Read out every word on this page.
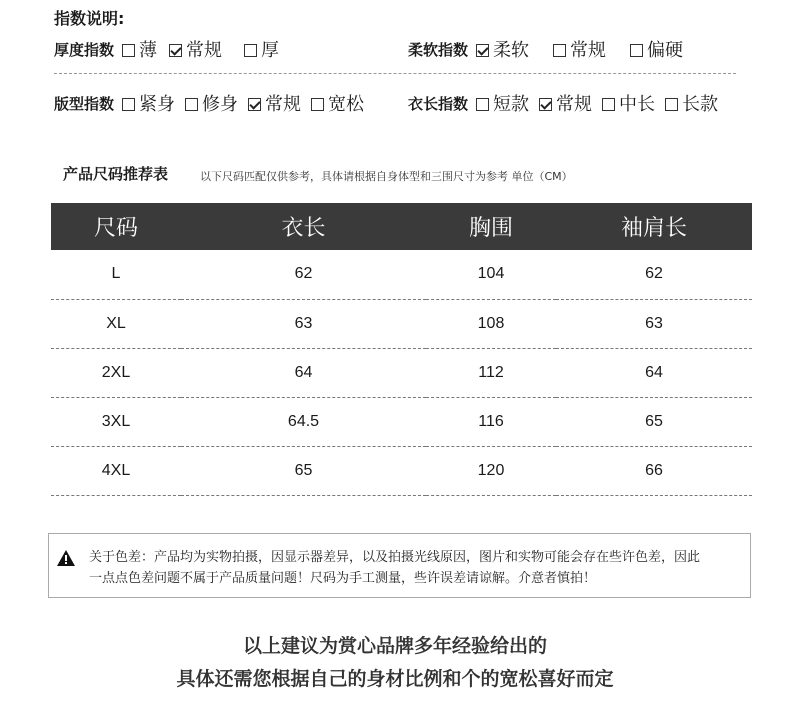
指数说明:
厚度指数 薄 常规 厚	柔软指数 柔软 常规 偏硬
版型指数 紧身 修身 常规 宽松	衣长指数 短款 常规 中长 长款
产品尺码推荐表	以下尺码匹配仅供参考，具体请根据自身体型和三围尺寸为参考 单位（CM）
尺码	衣长	胸围	袖肩长
L	62	104	62
XL	63	108	63
2XL	64	112	64
3XL	64.5	116	65
4XL	65	120	66
关于色差：产品均为实物拍摄，因显示器差异，以及拍摄光线原因，图片和实物可能会存在些许色差，因此
一点点色差问题不属于产品质量问题！尺码为手工测量，些许误差请谅解。介意者慎拍！
以上建议为赏心品牌多年经验给出的
具体还需您根据自己的身材比例和个的宽松喜好而定
